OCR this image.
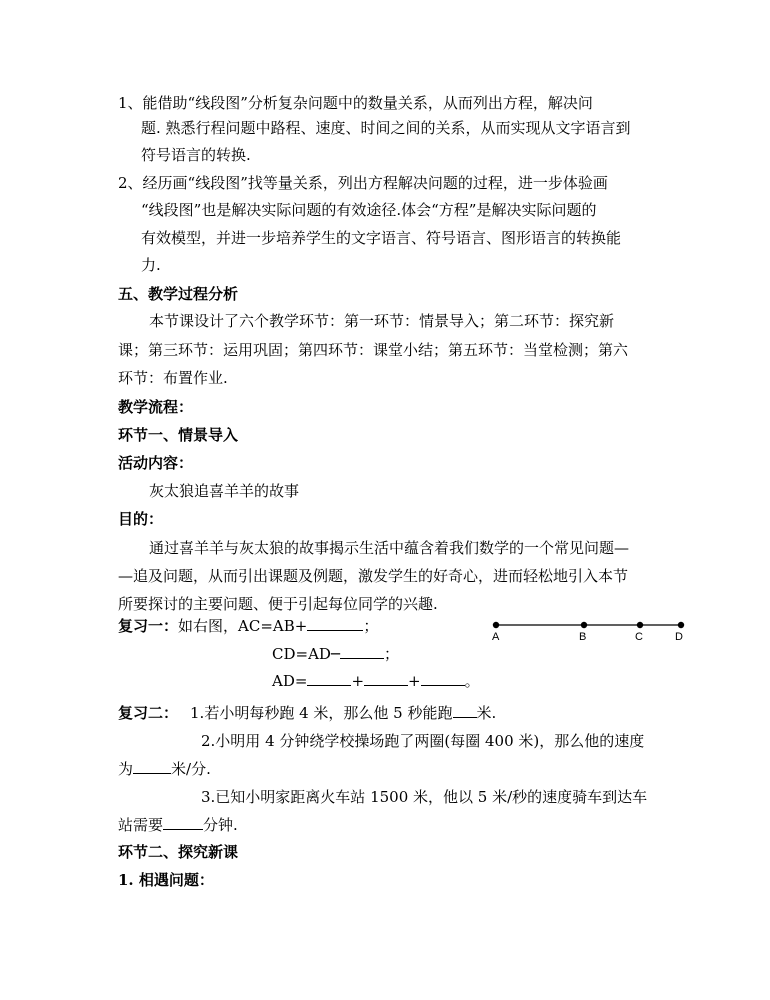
1、能借助“线段图”分析复杂问题中的数量关系，从而列出方程，解决问
题. 熟悉行程问题中路程、速度、时间之间的关系，从而实现从文字语言到
符号语言的转换.
2、经历画“线段图”找等量关系，列出方程解决问题的过程，进一步体验画
“线段图”也是解决实际问题的有效途径.体会“方程”是解决实际问题的
有效模型，并进一步培养学生的文字语言、符号语言、图形语言的转换能
力.
五、教学过程分析
本节课设计了六个教学环节：第一环节：情景导入；第二环节：探究新
课；第三环节：运用巩固；第四环节：课堂小结；第五环节：当堂检测；第六
环节：布置作业.
教学流程：
环节一、情景导入
活动内容：
灰太狼追喜羊羊的故事
目的：
通过喜羊羊与灰太狼的故事揭示生活中蕴含着我们数学的一个常见问题—
—追及问题，从而引出课题及例题，激发学生的好奇心，进而轻松地引入本节
所要探讨的主要问题、便于引起每位同学的兴趣.
复习一：如右图，AC=AB+	；
CD=AD─	；
AD=	+	+	。
A	B	C	D
复习二： 1.若小明每秒跑 4 米，那么他 5 秒能跑 米.
2.小明用 4 分钟绕学校操场跑了两圈(每圈 400 米)，那么他的速度
为	米/分.
3.已知小明家距离火车站 1500 米，他以 5 米/秒的速度骑车到达车
站需要	分钟.
环节二、探究新课
1. 相遇问题：
